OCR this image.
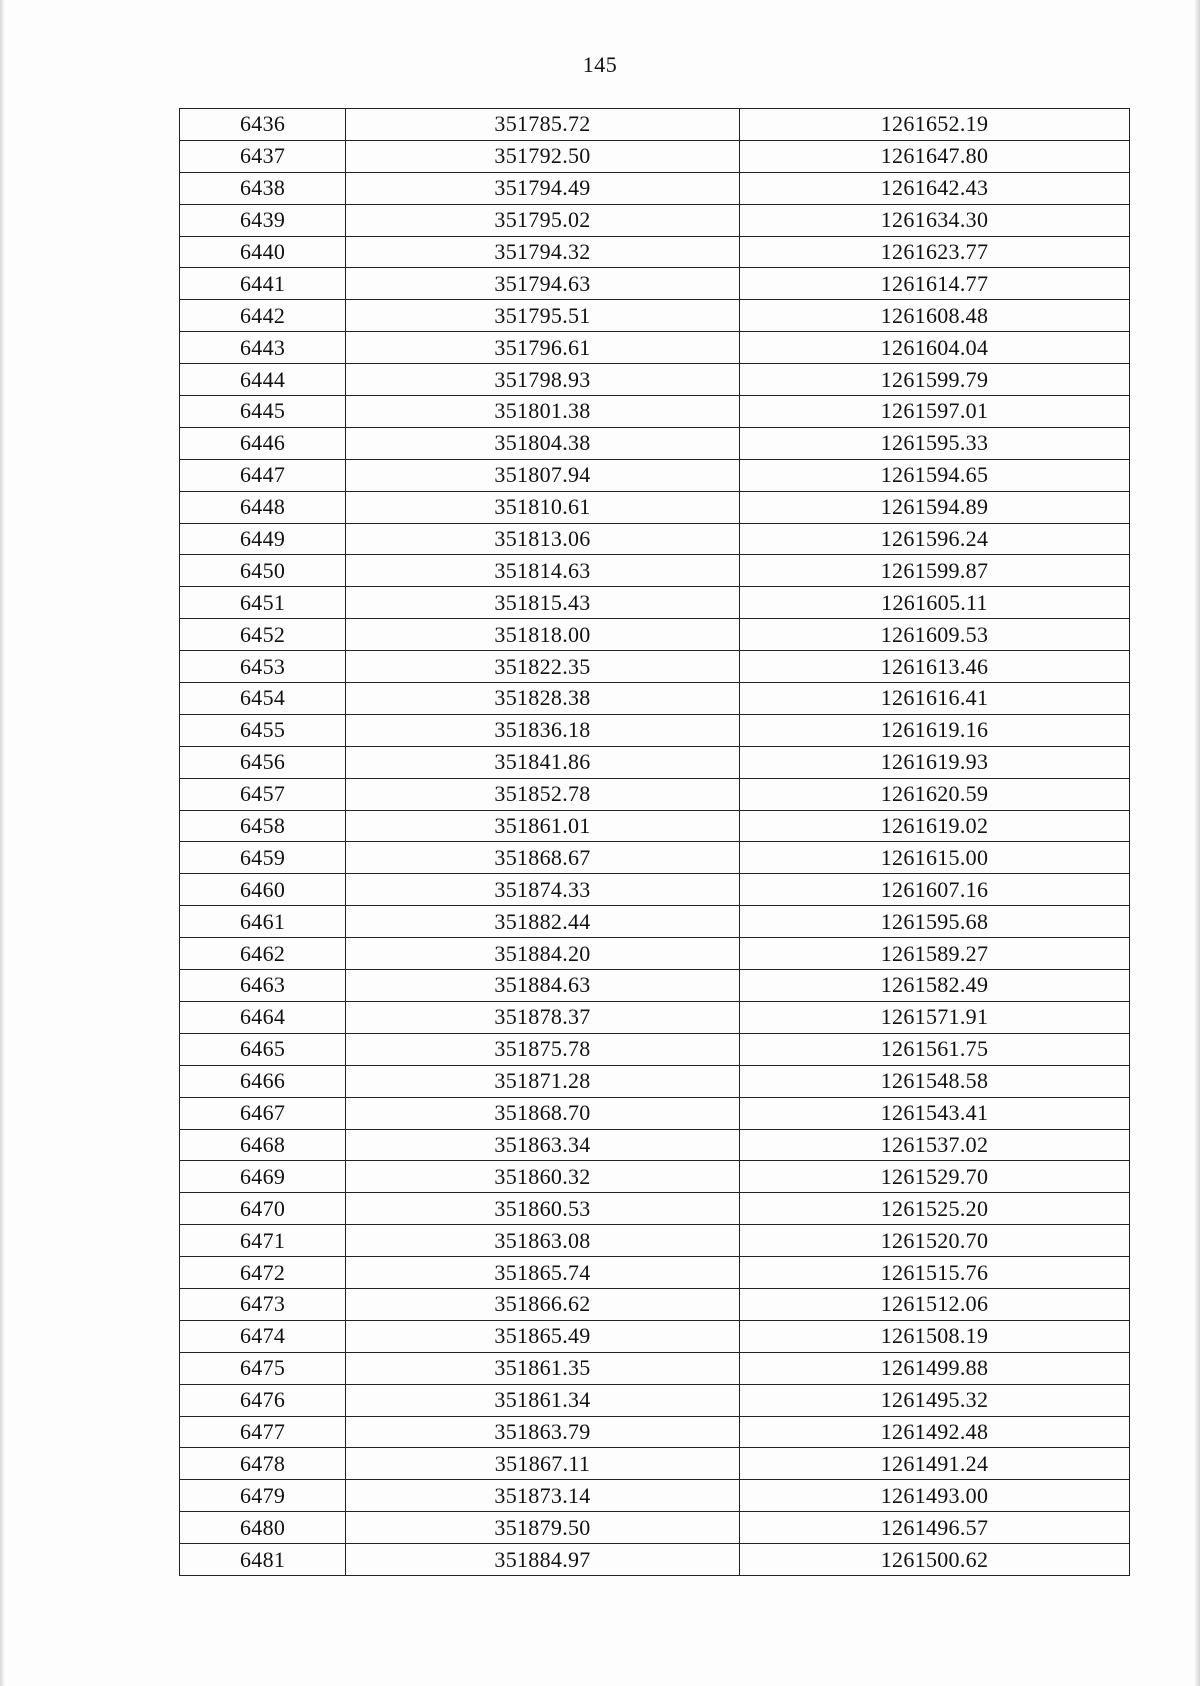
145
6436	351785.72	1261652.19
6437	351792.50	1261647.80
6438	351794.49	1261642.43
6439	351795.02	1261634.30
6440	351794.32	1261623.77
6441	351794.63	1261614.77
6442	351795.51	1261608.48
6443	351796.61	1261604.04
6444	351798.93	1261599.79
6445	351801.38	1261597.01
6446	351804.38	1261595.33
6447	351807.94	1261594.65
6448	351810.61	1261594.89
6449	351813.06	1261596.24
6450	351814.63	1261599.87
6451	351815.43	1261605.11
6452	351818.00	1261609.53
6453	351822.35	1261613.46
6454	351828.38	1261616.41
6455	351836.18	1261619.16
6456	351841.86	1261619.93
6457	351852.78	1261620.59
6458	351861.01	1261619.02
6459	351868.67	1261615.00
6460	351874.33	1261607.16
6461	351882.44	1261595.68
6462	351884.20	1261589.27
6463	351884.63	1261582.49
6464	351878.37	1261571.91
6465	351875.78	1261561.75
6466	351871.28	1261548.58
6467	351868.70	1261543.41
6468	351863.34	1261537.02
6469	351860.32	1261529.70
6470	351860.53	1261525.20
6471	351863.08	1261520.70
6472	351865.74	1261515.76
6473	351866.62	1261512.06
6474	351865.49	1261508.19
6475	351861.35	1261499.88
6476	351861.34	1261495.32
6477	351863.79	1261492.48
6478	351867.11	1261491.24
6479	351873.14	1261493.00
6480	351879.50	1261496.57
6481	351884.97	1261500.62
